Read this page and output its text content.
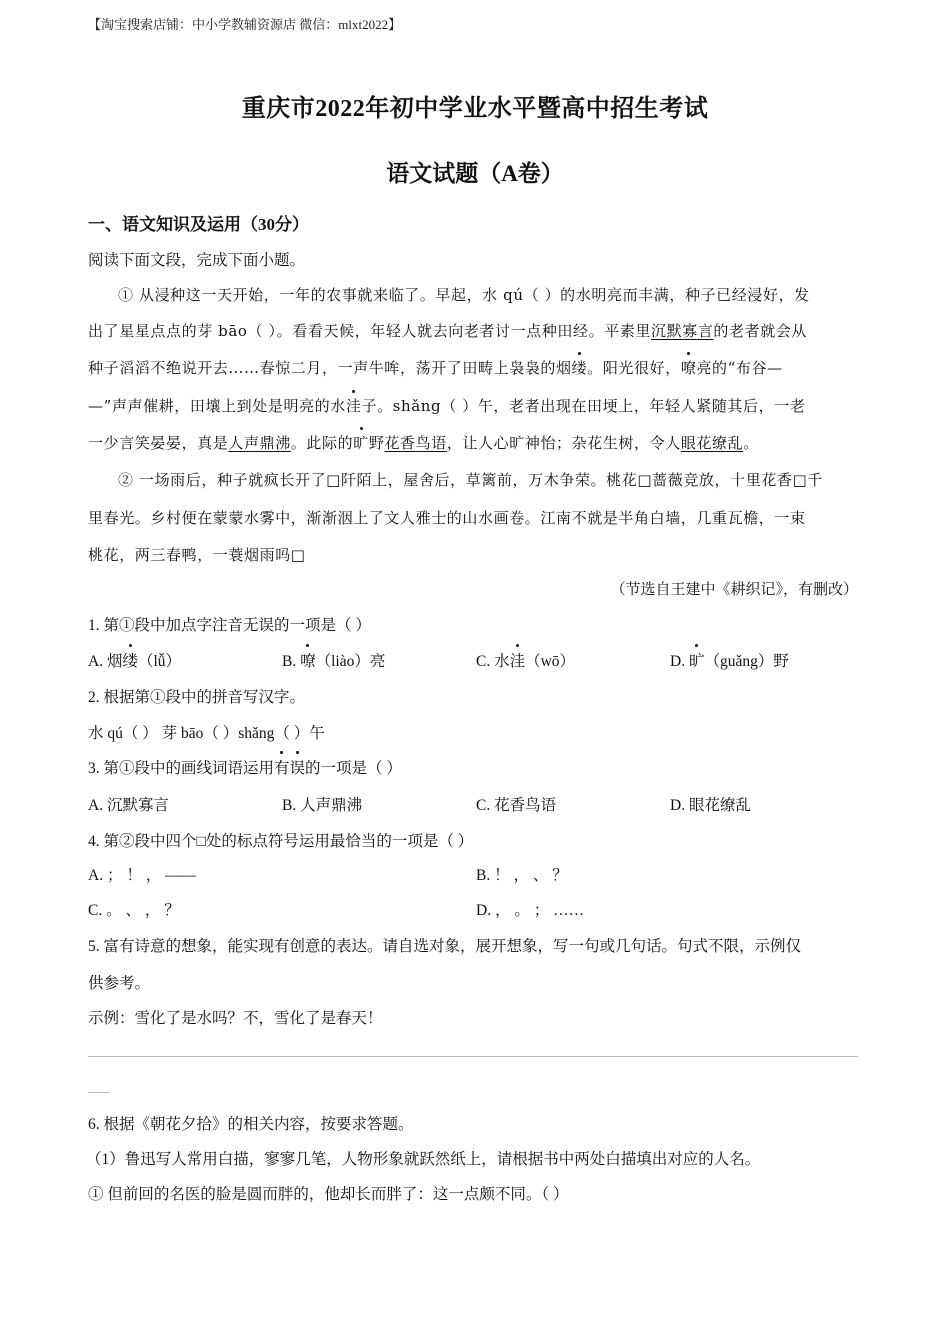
【淘宝搜索店铺：中小学教辅资源店 微信：mlxt2022】
重庆市2022年初中学业水平暨高中招生考试
语文试题（A卷）
一、语文知识及运用（30分）
阅读下面文段，完成下面小题。
① 从浸种这一天开始，一年的农事就来临了。早起，水 qú（ ）的水明亮而丰满，种子已经浸好，发
出了星星点点的芽 bāo（ ）。看看天候，年轻人就去向老者讨一点种田经。平素里沉默寡言的老者就会从
种子滔滔不绝说开去……春惊二月，一声牛哞，荡开了田畴上袅袅的烟缕。阳光很好，嘹亮的“布谷—
—”声声催耕，田壤上到处是明亮的水洼子。shǎng（ ）午，老者出现在田埂上，年轻人紧随其后，一老
一少言笑晏晏，真是人声鼎沸。此际的旷野花香鸟语，让人心旷神怡；杂花生树，令人眼花缭乱。
② 一场雨后，种子就疯长开了□阡陌上，屋舍后，草篱前，万木争荣。桃花□蔷薇竞放，十里花香□千
里春光。乡村便在蒙蒙水雾中，渐渐洇上了文人雅士的山水画卷。江南不就是半角白墙，几重瓦檐，一束
桃花，两三春鸭，一蓑烟雨吗□
（节选自王建中《耕织记》，有删改）
1. 第①段中加点字注音无误的一项是（ ）
A. 烟缕（lǚ）	B. 嘹（liào）亮	C. 水洼（wō）	D. 旷（guǎng）野
2. 根据第①段中的拼音写汉字。
水 qú（ ） 芽 bāo（ ）shǎng（ ）午
3. 第①段中的画线词语运用有误的一项是（ ）
A. 沉默寡言	B. 人声鼎沸	C. 花香鸟语	D. 眼花缭乱
4. 第②段中四个□处的标点符号运用最恰当的一项是（ ）
A. ； ！ ， ——	B. ！ ， 、 ？
C. 。 、 ， ？	D. ， 。 ； ……
5. 富有诗意的想象，能实现有创意的表达。请自选对象，展开想象，写一句或几句话。句式不限，示例仅
供参考。
示例：雪化了是水吗？不，雪化了是春天！
6. 根据《朝花夕拾》的相关内容，按要求答题。
（1）鲁迅写人常用白描，寥寥几笔，人物形象就跃然纸上，请根据书中两处白描填出对应的人名。
① 但前回的名医的脸是圆而胖的，他却长而胖了：这一点颇不同。（ ）
